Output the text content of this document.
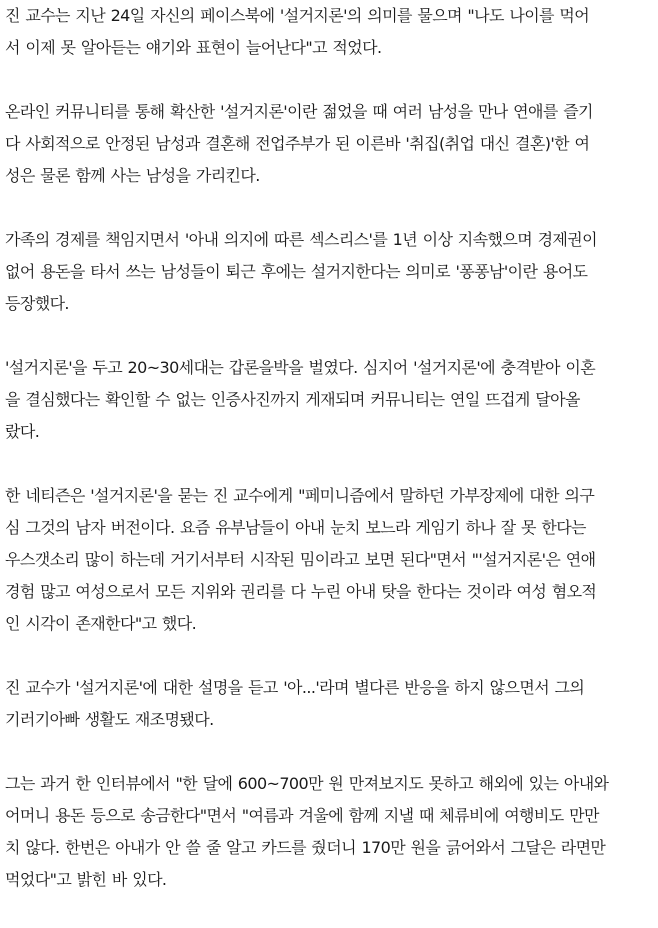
진 교수는 지난 24일 자신의 페이스북에 '설거지론'의 의미를 물으며 "나도 나이를 먹어
서 이제 못 알아듣는 얘기와 표현이 늘어난다"고 적었다.

온라인 커뮤니티를 통해 확산한 '설거지론'이란 젊었을 때 여러 남성을 만나 연애를 즐기
다 사회적으로 안정된 남성과 결혼해 전업주부가 된 이른바 '취집(취업 대신 결혼)'한 여
성은 물론 함께 사는 남성을 가리킨다.

가족의 경제를 책임지면서 '아내 의지에 따른 섹스리스'를 1년 이상 지속했으며 경제권이
없어 용돈을 타서 쓰는 남성들이 퇴근 후에는 설거지한다는 의미로 '퐁퐁남'이란 용어도
등장했다.

'설거지론'을 두고 20~30세대는 갑론을박을 벌였다. 심지어 '설거지론'에 충격받아 이혼
을 결심했다는 확인할 수 없는 인증사진까지 게재되며 커뮤니티는 연일 뜨겁게 달아올
랐다.

한 네티즌은 '설거지론'을 묻는 진 교수에게 "페미니즘에서 말하던 가부장제에 대한 의구
심 그것의 남자 버전이다. 요즘 유부남들이 아내 눈치 보느라 게임기 하나 잘 못 한다는
우스갯소리 많이 하는데 거기서부터 시작된 밈이라고 보면 된다"면서 "'설거지론'은 연애
경험 많고 여성으로서 모든 지위와 권리를 다 누린 아내 탓을 한다는 것이라 여성 혐오적
인 시각이 존재한다"고 했다.

진 교수가 '설거지론'에 대한 설명을 듣고 '아...'라며 별다른 반응을 하지 않으면서 그의
기러기아빠 생활도 재조명됐다.

그는 과거 한 인터뷰에서 "한 달에 600~700만 원 만져보지도 못하고 해외에 있는 아내와
어머니 용돈 등으로 송금한다"면서 "여름과 겨울에 함께 지낼 때 체류비에 여행비도 만만
치 않다. 한번은 아내가 안 쓸 줄 알고 카드를 줬더니 170만 원을 긁어와서 그달은 라면만
먹었다"고 밝힌 바 있다.
